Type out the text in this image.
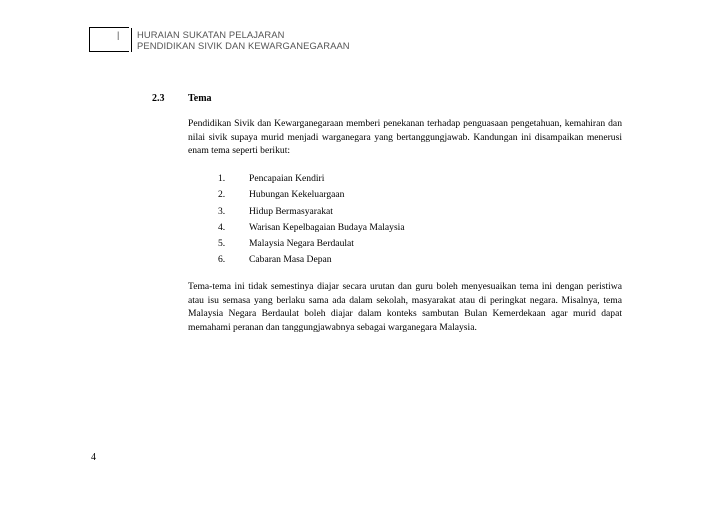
|	HURAIAN SUKATAN PELAJARAN
PENDIDIKAN SIVIK DAN KEWARGANEGARAAN
2.3 Tema

Pendidikan Sivik dan Kewarganegaraan memberi penekanan terhadap penguasaan pengetahuan, kemahiran dan nilai sivik supaya murid menjadi warganegara yang bertanggungjawab. Kandungan ini disampaikan menerusi enam tema seperti berikut:

1.	Pencapaian Kendiri
2.	Hubungan Kekeluargaan
3.	Hidup Bermasyarakat
4.	Warisan Kepelbagaian Budaya Malaysia
5.	Malaysia Negara Berdaulat
6.	Cabaran Masa Depan

Tema-tema ini tidak semestinya diajar secara urutan dan guru boleh menyesuaikan tema ini dengan peristiwa atau isu semasa yang berlaku sama ada dalam sekolah, masyarakat atau di peringkat negara. Misalnya, tema Malaysia Negara Berdaulat boleh diajar dalam konteks sambutan Bulan Kemerdekaan agar murid dapat memahami peranan dan tanggungjawabnya sebagai warganegara Malaysia.

4
